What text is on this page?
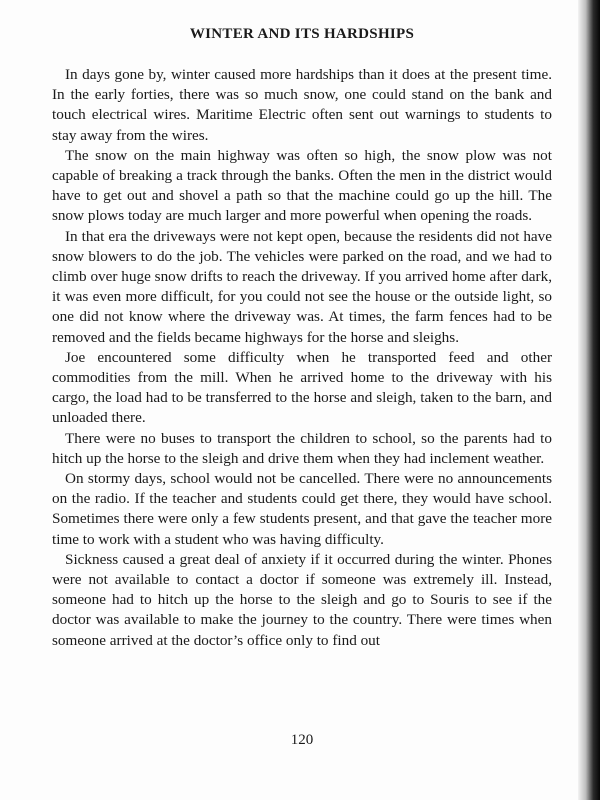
WINTER AND ITS HARDSHIPS

In days gone by, winter caused more hardships than it does at the present time. In the early forties, there was so much snow, one could stand on the bank and touch electrical wires. Maritime Electric often sent out warnings to students to stay away from the wires.

The snow on the main highway was often so high, the snow plow was not capable of breaking a track through the banks. Often the men in the district would have to get out and shovel a path so that the machine could go up the hill. The snow plows today are much larger and more powerful when opening the roads.

In that era the driveways were not kept open, because the residents did not have snow blowers to do the job. The vehicles were parked on the road, and we had to climb over huge snow drifts to reach the driveway. If you arrived home after dark, it was even more difficult, for you could not see the house or the outside light, so one did not know where the driveway was. At times, the farm fences had to be removed and the fields became highways for the horse and sleighs.

Joe encountered some difficulty when he transported feed and other commodities from the mill. When he arrived home to the driveway with his cargo, the load had to be transferred to the horse and sleigh, taken to the barn, and unloaded there.

There were no buses to transport the children to school, so the parents had to hitch up the horse to the sleigh and drive them when they had inclement weather.

On stormy days, school would not be cancelled. There were no announcements on the radio. If the teacher and students could get there, they would have school. Sometimes there were only a few students present, and that gave the teacher more time to work with a student who was having difficulty.

Sickness caused a great deal of anxiety if it occurred during the winter. Phones were not available to contact a doctor if someone was extremely ill. Instead, someone had to hitch up the horse to the sleigh and go to Souris to see if the doctor was available to make the journey to the country. There were times when someone arrived at the doctor’s office only to find out

120
